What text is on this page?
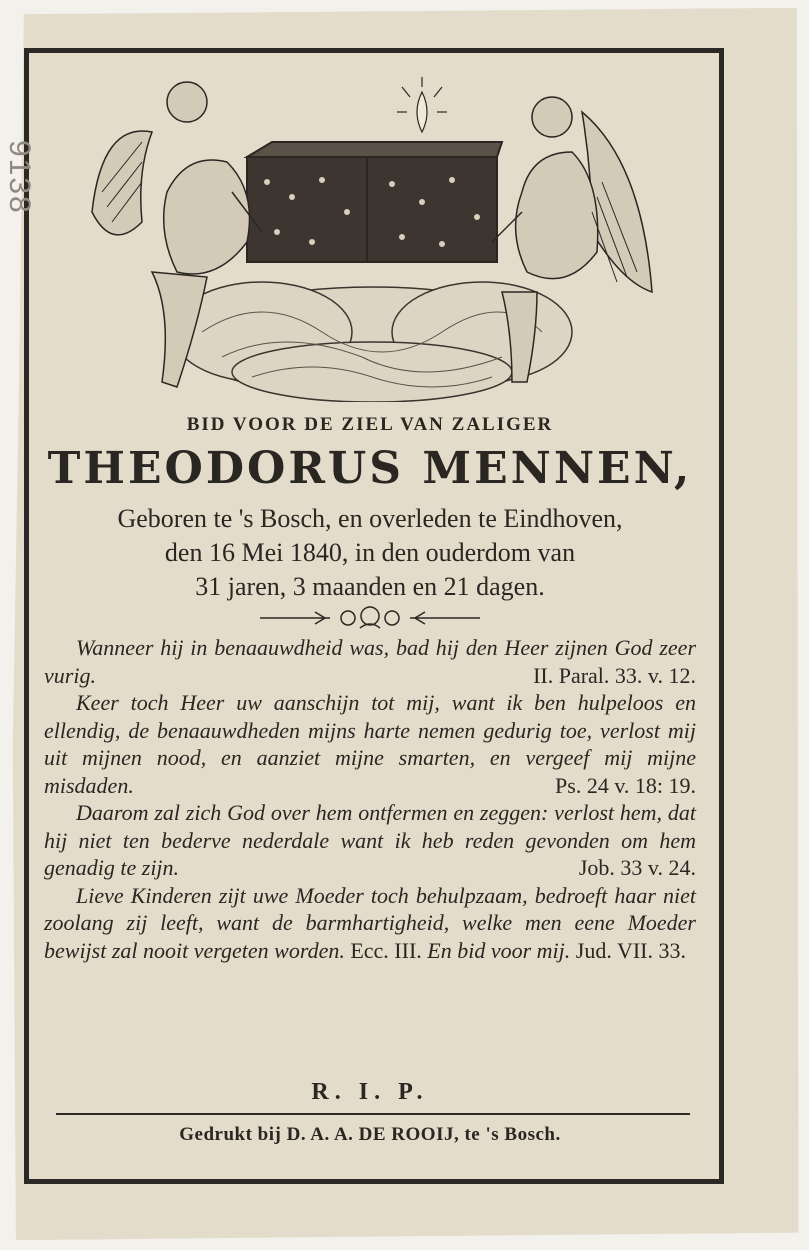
9138
BID VOOR DE ZIEL VAN ZALIGER
THEODORUS MENNEN,
Geboren te 's Bosch, en overleden te Eindhoven,
den 16 Mei 1840, in den ouderdom van
31 jaren, 3 maanden en 21 dagen.

Wanneer hij in benaauwdheid was, bad hij den Heer zijnen God zeer vurig.	II. Paral. 33. v. 12.

Keer toch Heer uw aanschijn tot mij, want ik ben hulpeloos en ellendig, de benaauwdheden mijns harte nemen gedurig toe, verlost mij uit mijnen nood, en aanziet mijne smarten, en vergeef mij mijne misdaden.	Ps. 24 v. 18: 19.

Daarom zal zich God over hem ontfermen en zeggen: verlost hem, dat hij niet ten bederve nederdale want ik heb reden gevonden om hem genadig te zijn.	Job. 33 v. 24.

Lieve Kinderen zijt uwe Moeder toch behulpzaam, bedroeft haar niet zoolang zij leeft, want de barmhartigheid, welke men eene Moeder bewijst zal nooit vergeten worden. Ecc. III. En bid voor mij. Jud. VII. 33.

R. I. P.
Gedrukt bij D. A. A. DE ROOIJ, te 's Bosch.
